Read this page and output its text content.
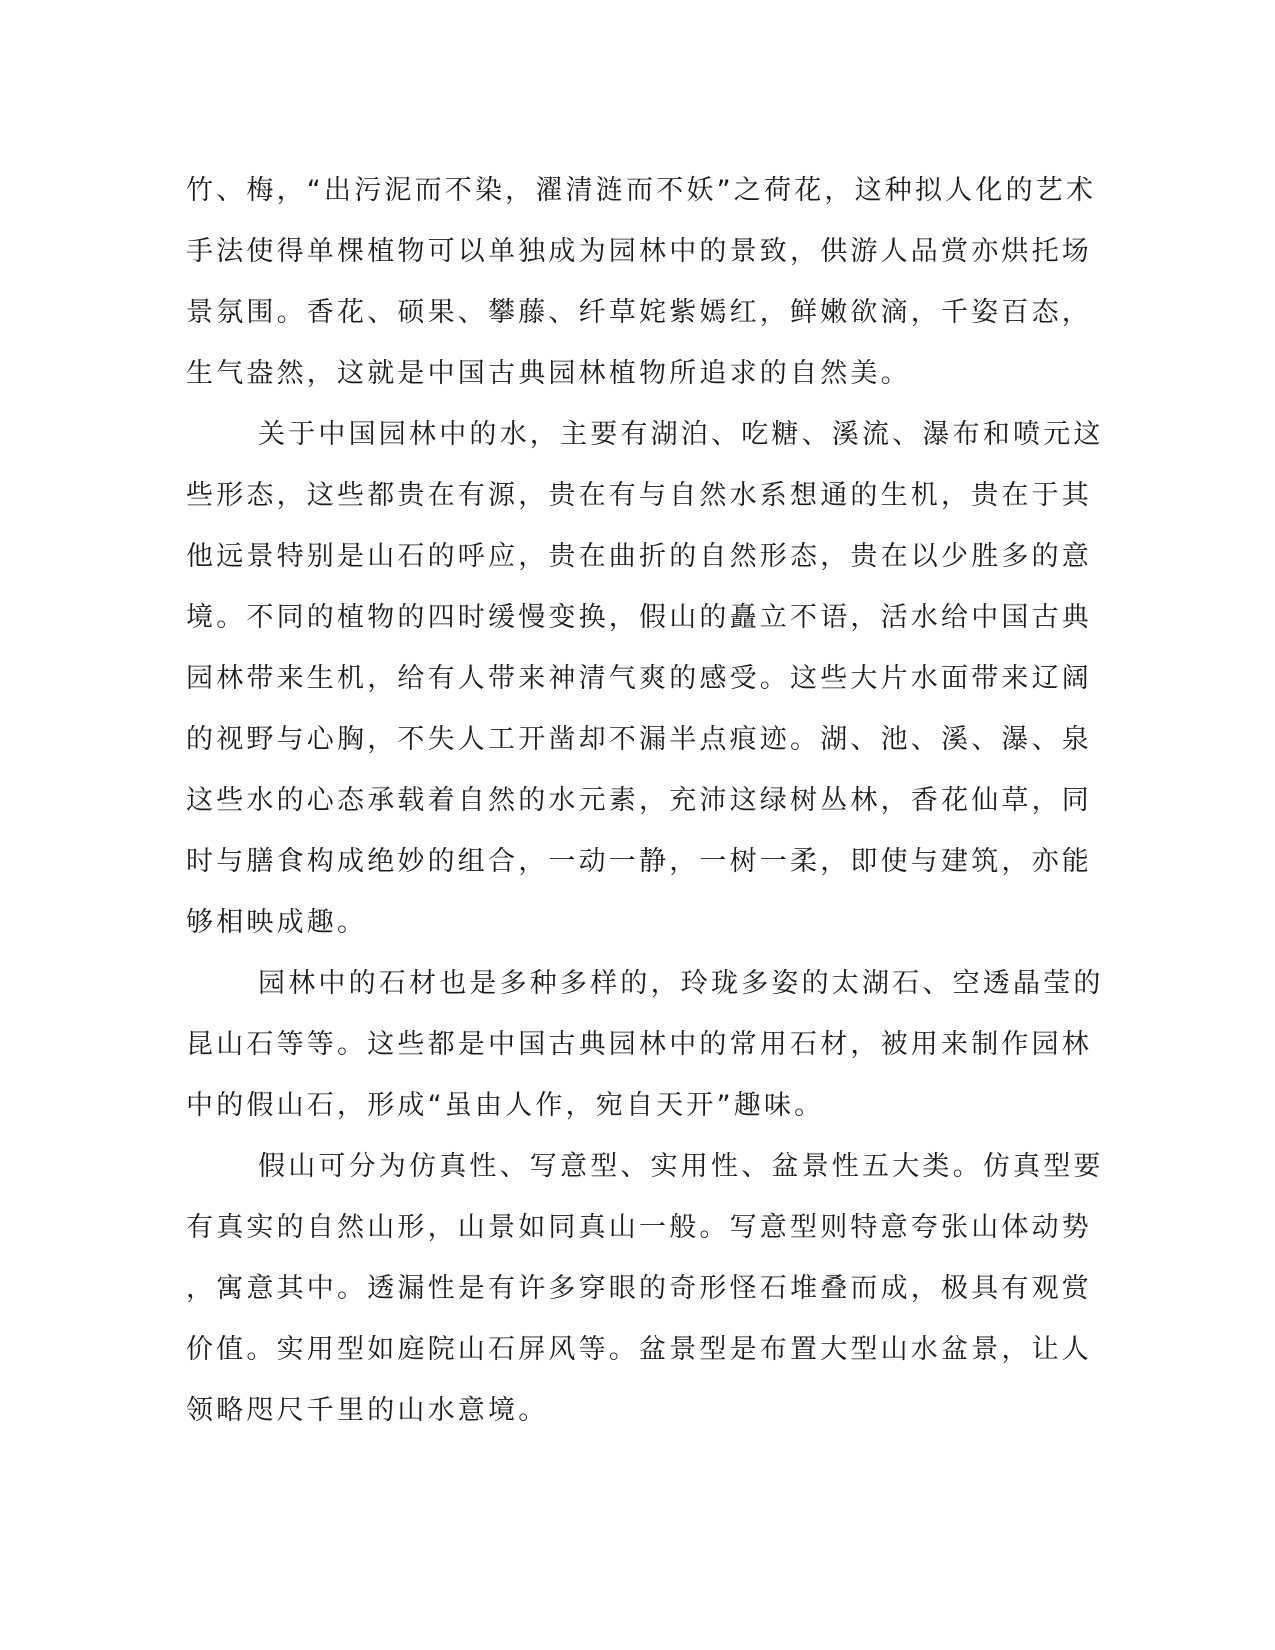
竹、梅，“出污泥而不染，濯清涟而不妖”之荷花，这种拟人化的艺术
手法使得单棵植物可以单独成为园林中的景致，供游人品赏亦烘托场
景氛围。香花、硕果、攀藤、纤草姹紫嫣红，鲜嫩欲滴，千姿百态，
生气盎然，这就是中国古典园林植物所追求的自然美。
关于中国园林中的水，主要有湖泊、吃糖、溪流、瀑布和喷元这
些形态，这些都贵在有源，贵在有与自然水系想通的生机，贵在于其
他远景特别是山石的呼应，贵在曲折的自然形态，贵在以少胜多的意
境。不同的植物的四时缓慢变换，假山的矗立不语，活水给中国古典
园林带来生机，给有人带来神清气爽的感受。这些大片水面带来辽阔
的视野与心胸，不失人工开凿却不漏半点痕迹。湖、池、溪、瀑、泉
这些水的心态承载着自然的水元素，充沛这绿树丛林，香花仙草，同
时与膳食构成绝妙的组合，一动一静，一树一柔，即使与建筑，亦能
够相映成趣。
园林中的石材也是多种多样的，玲珑多姿的太湖石、空透晶莹的
昆山石等等。这些都是中国古典园林中的常用石材，被用来制作园林
中的假山石，形成“虽由人作，宛自天开”趣味。
假山可分为仿真性、写意型、实用性、盆景性五大类。仿真型要
有真实的自然山形，山景如同真山一般。写意型则特意夸张山体动势
，寓意其中。透漏性是有许多穿眼的奇形怪石堆叠而成，极具有观赏
价值。实用型如庭院山石屏风等。盆景型是布置大型山水盆景，让人
领略咫尺千里的山水意境。
